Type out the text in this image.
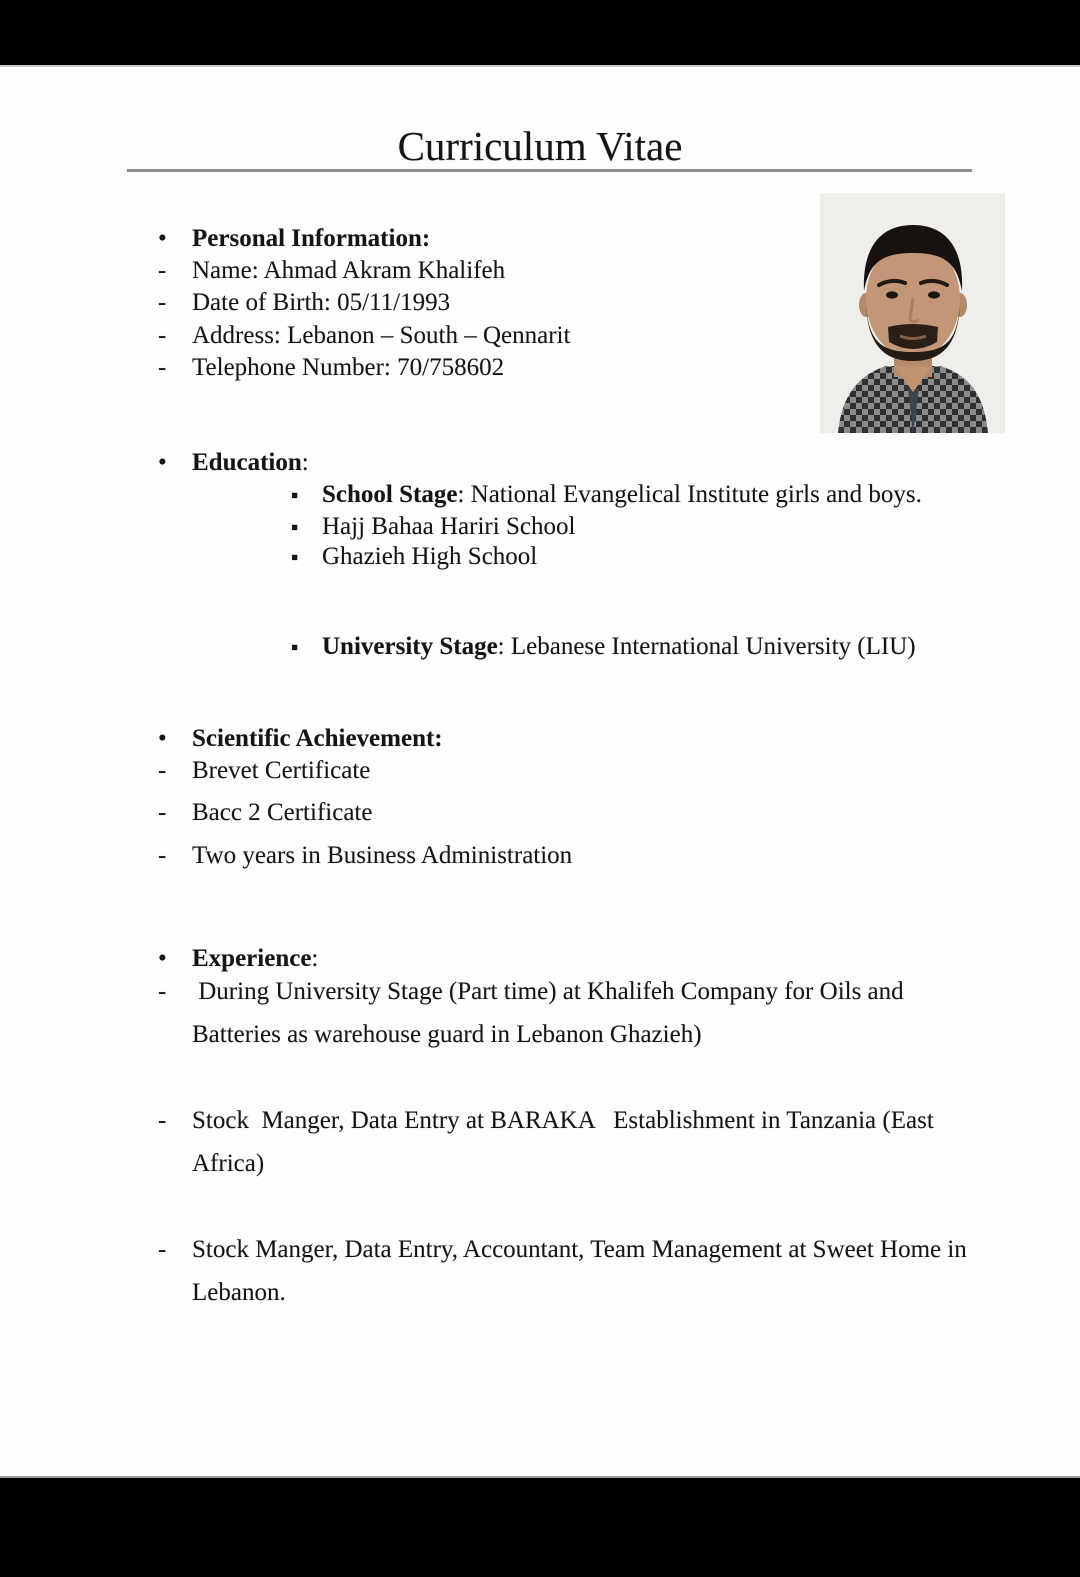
Curriculum Vitae
•	Personal Information:
-	Name: Ahmad Akram Khalifeh
-	Date of Birth: 05/11/1993
-	Address: Lebanon – South – Qennarit
-	Telephone Number: 70/758602
•	Education:
▪ School Stage: National Evangelical Institute girls and boys.
▪ Hajj Bahaa Hariri School
▪ Ghazieh High School
▪ University Stage: Lebanese International University (LIU)
•	Scientific Achievement:
-	Brevet Certificate
-	Bacc 2 Certificate
-	Two years in Business Administration
•	Experience:
-	During University Stage (Part time) at Khalifeh Company for Oils and Batteries as warehouse guard in Lebanon Ghazieh)
-	Stock  Manger, Data Entry at BARAKA   Establishment in Tanzania (East Africa)
-	Stock Manger, Data Entry, Accountant, Team Management at Sweet Home in Lebanon.
